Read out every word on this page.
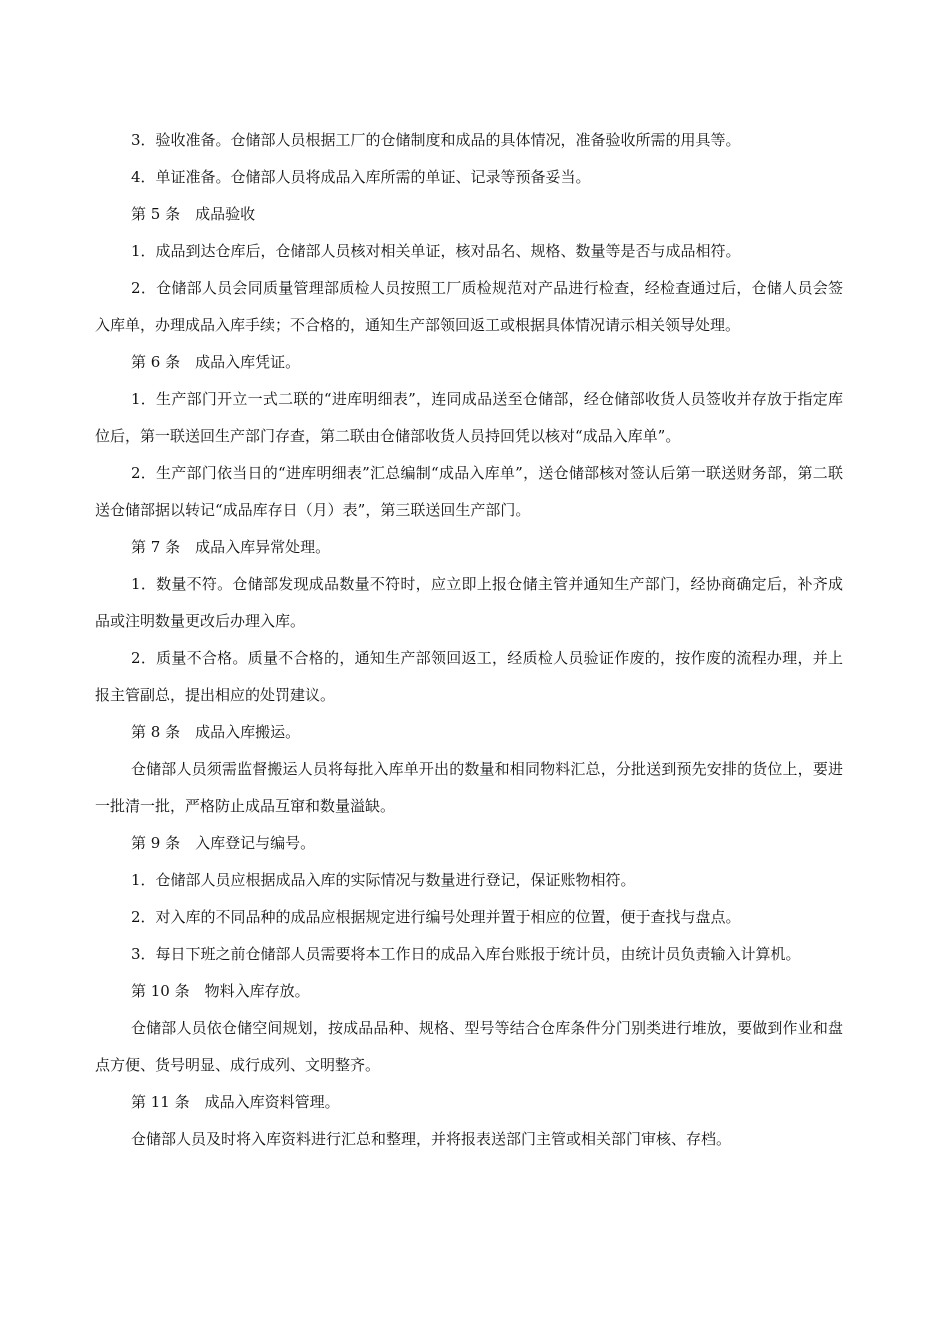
3．验收准备。仓储部人员根据工厂的仓储制度和成品的具体情况，准备验收所需的用具等。

4．单证准备。仓储部人员将成品入库所需的单证、记录等预备妥当。

第 5 条　成品验收

1．成品到达仓库后，仓储部人员核对相关单证，核对品名、规格、数量等是否与成品相符。

2．仓储部人员会同质量管理部质检人员按照工厂质检规范对产品进行检查，经检查通过后，仓储人员会签入库单，办理成品入库手续；不合格的，通知生产部领回返工或根据具体情况请示相关领导处理。

第 6 条　成品入库凭证。

1．生产部门开立一式二联的“进库明细表”，连同成品送至仓储部，经仓储部收货人员签收并存放于指定库位后，第一联送回生产部门存查，第二联由仓储部收货人员持回凭以核对“成品入库单”。

2．生产部门依当日的“进库明细表”汇总编制“成品入库单”，送仓储部核对签认后第一联送财务部，第二联送仓储部据以转记“成品库存日（月）表”，第三联送回生产部门。

第 7 条　成品入库异常处理。

1．数量不符。仓储部发现成品数量不符时，应立即上报仓储主管并通知生产部门，经协商确定后，补齐成品或注明数量更改后办理入库。

2．质量不合格。质量不合格的，通知生产部领回返工，经质检人员验证作废的，按作废的流程办理，并上报主管副总，提出相应的处罚建议。

第 8 条　成品入库搬运。

仓储部人员须需监督搬运人员将每批入库单开出的数量和相同物料汇总，分批送到预先安排的货位上，要进一批清一批，严格防止成品互窜和数量溢缺。

第 9 条　入库登记与编号。

1．仓储部人员应根据成品入库的实际情况与数量进行登记，保证账物相符。

2．对入库的不同品种的成品应根据规定进行编号处理并置于相应的位置，便于查找与盘点。

3．每日下班之前仓储部人员需要将本工作日的成品入库台账报于统计员，由统计员负责输入计算机。

第 10 条　物料入库存放。

仓储部人员依仓储空间规划，按成品品种、规格、型号等结合仓库条件分门别类进行堆放，要做到作业和盘点方便、货号明显、成行成列、文明整齐。

第 11 条　成品入库资料管理。

仓储部人员及时将入库资料进行汇总和整理，并将报表送部门主管或相关部门审核、存档。
